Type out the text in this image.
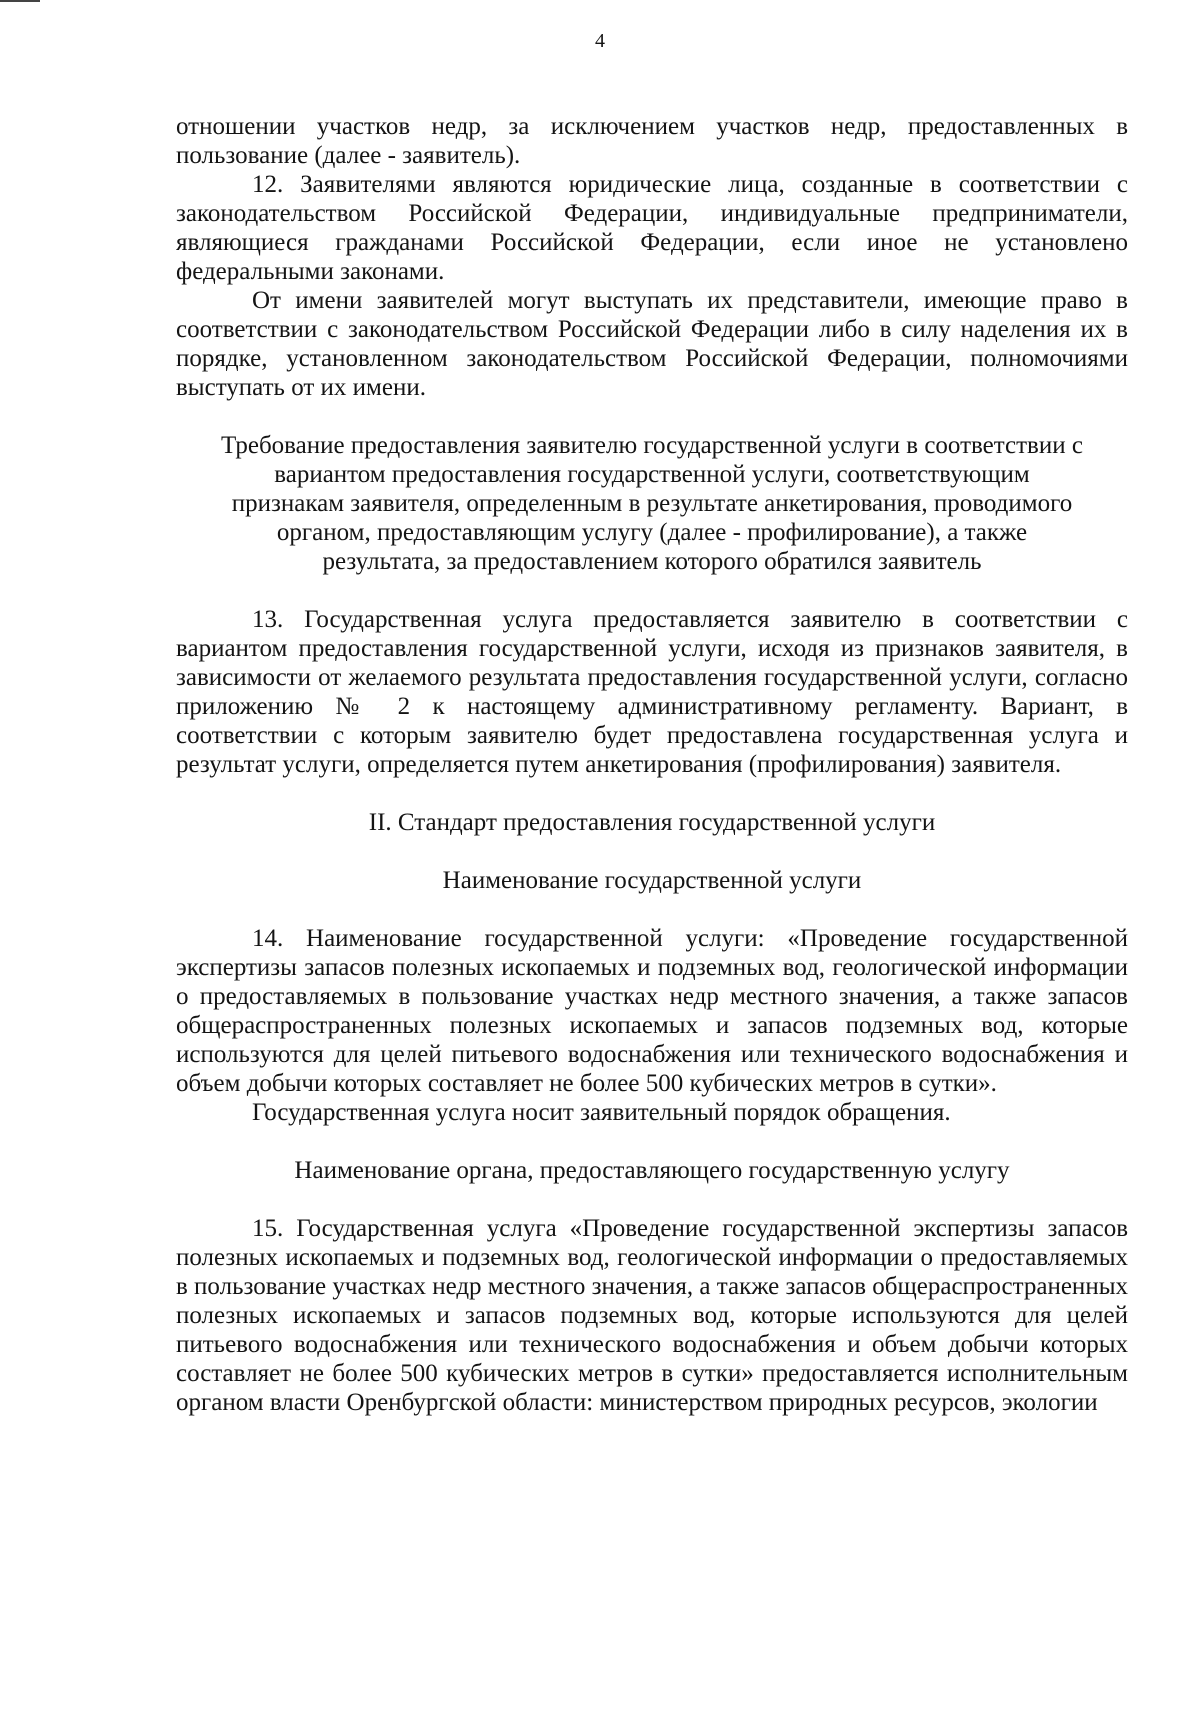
4

отношении участков недр, за исключением участков недр, предоставленных в пользование (далее - заявитель).

12. Заявителями являются юридические лица, созданные в соответствии с законодательством Российской Федерации, индивидуальные предприниматели, являющиеся гражданами Российской Федерации, если иное не установлено федеральными законами.

От имени заявителей могут выступать их представители, имеющие право в соответствии с законодательством Российской Федерации либо в силу наделения их в порядке, установленном законодательством Российской Федерации, полномочиями выступать от их имени.

Требование предоставления заявителю государственной услуги в соответствии с вариантом предоставления государственной услуги, соответствующим признакам заявителя, определенным в результате анкетирования, проводимого органом, предоставляющим услугу (далее - профилирование), а также результата, за предоставлением которого обратился заявитель

13. Государственная услуга предоставляется заявителю в соответствии с вариантом предоставления государственной услуги, исходя из признаков заявителя, в зависимости от желаемого результата предоставления государственной услуги, согласно приложению № 2 к настоящему административному регламенту. Вариант, в соответствии с которым заявителю будет предоставлена государственная услуга и результат услуги, определяется путем анкетирования (профилирования) заявителя.

II. Стандарт предоставления государственной услуги

Наименование государственной услуги

14. Наименование государственной услуги: «Проведение государственной экспертизы запасов полезных ископаемых и подземных вод, геологической информации о предоставляемых в пользование участках недр местного значения, а также запасов общераспространенных полезных ископаемых и запасов подземных вод, которые используются для целей питьевого водоснабжения или технического водоснабжения и объем добычи которых составляет не более 500 кубических метров в сутки».

Государственная услуга носит заявительный порядок обращения.

Наименование органа, предоставляющего государственную услугу

15. Государственная услуга «Проведение государственной экспертизы запасов полезных ископаемых и подземных вод, геологической информации о предоставляемых в пользование участках недр местного значения, а также запасов общераспространенных полезных ископаемых и запасов подземных вод, которые используются для целей питьевого водоснабжения или технического водоснабжения и объем добычи которых составляет не более 500 кубических метров в сутки» предоставляется исполнительным органом власти Оренбургской области: министерством природных ресурсов, экологии
